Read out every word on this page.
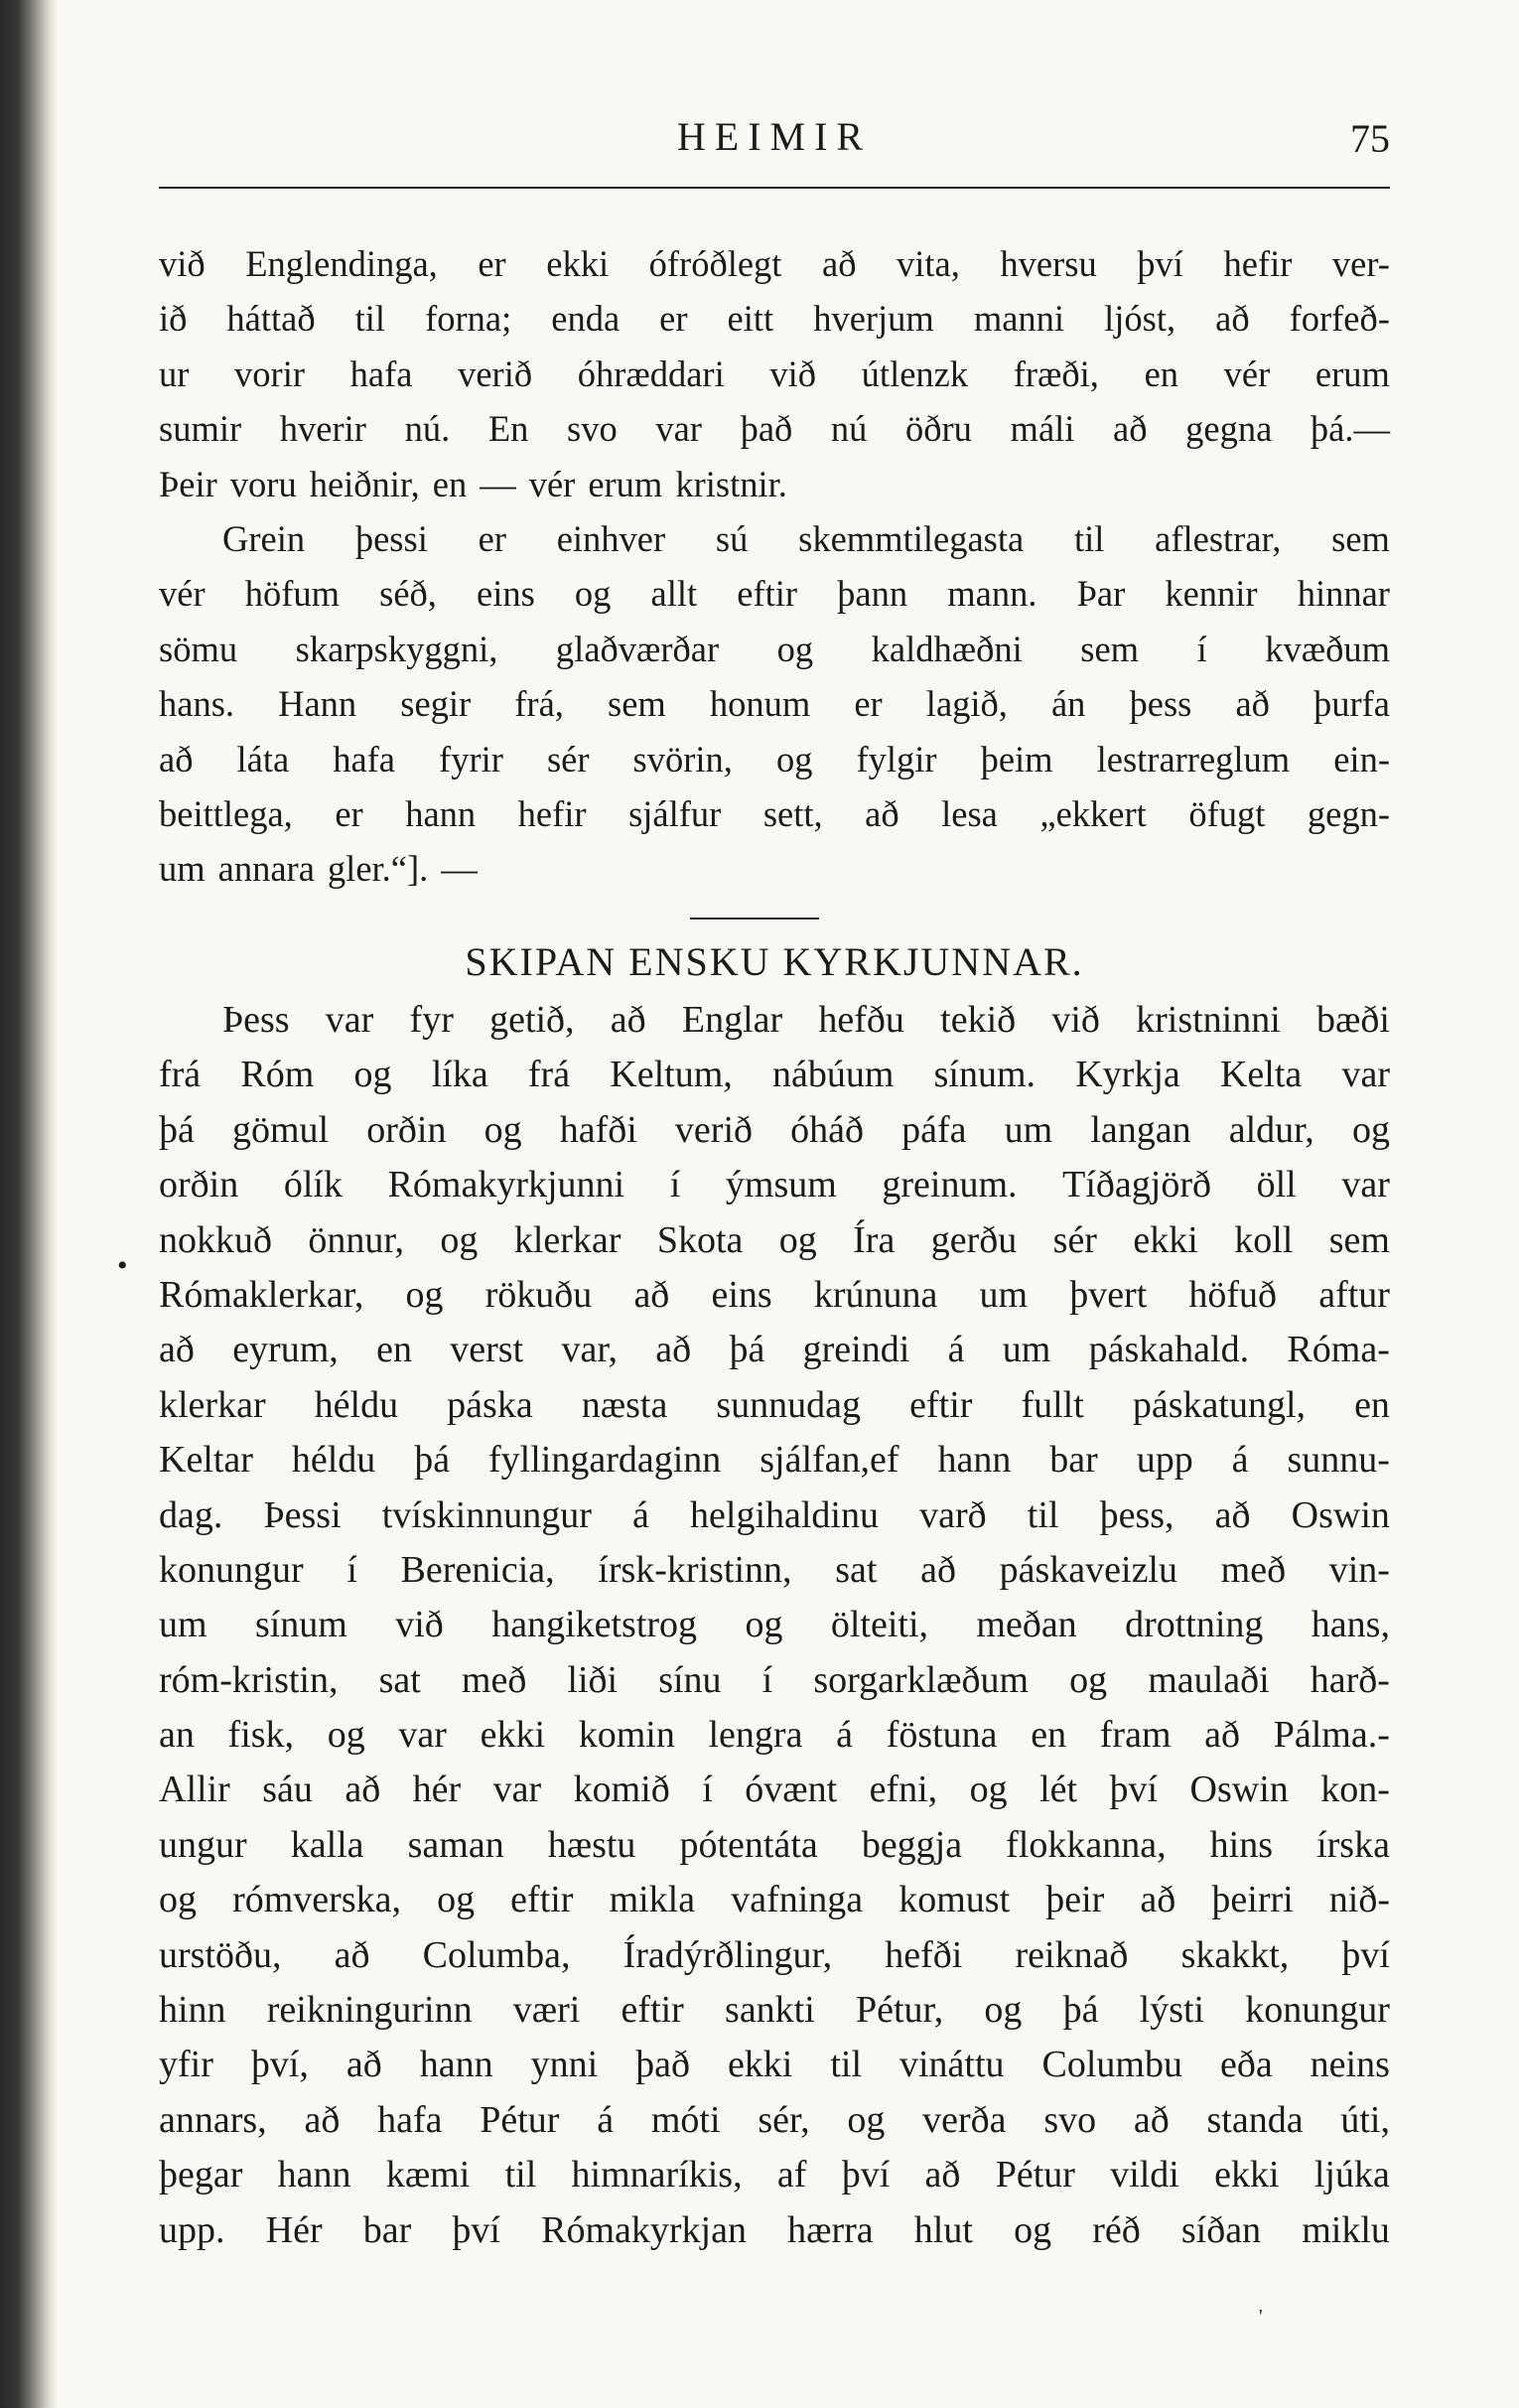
HEIMIR	75
við Englendinga, er ekki ófróðlegt að vita, hversu því hefir ver-
ið háttað til forna; enda er eitt hverjum manni ljóst, að forfeð-
ur vorir hafa verið óhræddari við útlenzk fræði, en vér erum
sumir hverir nú. En svo var það nú öðru máli að gegna þá.—
Þeir voru heiðnir, en — vér erum kristnir.
Grein þessi er einhver sú skemmtilegasta til aflestrar, sem
vér höfum séð, eins og allt eftir þann mann. Þar kennir hinnar
sömu skarpskyggni, glaðværðar og kaldhæðni sem í kvæðum
hans. Hann segir frá, sem honum er lagið, án þess að þurfa
að láta hafa fyrir sér svörin, og fylgir þeim lestrarreglum ein-
beittlega, er hann hefir sjálfur sett, að lesa „ekkert öfugt gegn-
um annara gler.“]. —
SKIPAN ENSKU KYRKJUNNAR.
Þess var fyr getið, að Englar hefðu tekið við kristninni bæði
frá Róm og líka frá Keltum, nábúum sínum. Kyrkja Kelta var
þá gömul orðin og hafði verið óháð páfa um langan aldur, og
orðin ólík Rómakyrkjunni í ýmsum greinum. Tíðagjörð öll var
nokkuð önnur, og klerkar Skota og Íra gerðu sér ekki koll sem
Rómaklerkar, og rökuðu að eins krúnuna um þvert höfuð aftur
að eyrum, en verst var, að þá greindi á um páskahald. Róma-
klerkar héldu páska næsta sunnudag eftir fullt páskatungl, en
Keltar héldu þá fyllingardaginn sjálfan,ef hann bar upp á sunnu-
dag. Þessi tvískinnungur á helgihaldinu varð til þess, að Oswin
konungur í Berenicia, írsk-kristinn, sat að páskaveizlu með vin-
um sínum við hangiketstrog og ölteiti, meðan drottning hans,
róm-kristin, sat með liði sínu í sorgarklæðum og maulaði harð-
an fisk, og var ekki komin lengra á föstuna en fram að Pálma.-
Allir sáu að hér var komið í óvænt efni, og lét því Oswin kon-
ungur kalla saman hæstu pótentáta beggja flokkanna, hins írska
og rómverska, og eftir mikla vafninga komust þeir að þeirri nið-
urstöðu, að Columba, Íradýrðlingur, hefði reiknað skakkt, því
hinn reikningurinn væri eftir sankti Pétur, og þá lýsti konungur
yfir því, að hann ynni það ekki til vináttu Columbu eða neins
annars, að hafa Pétur á móti sér, og verða svo að standa úti,
þegar hann kæmi til himnaríkis, af því að Pétur vildi ekki ljúka
upp. Hér bar því Rómakyrkjan hærra hlut og réð síðan miklu
•
'
